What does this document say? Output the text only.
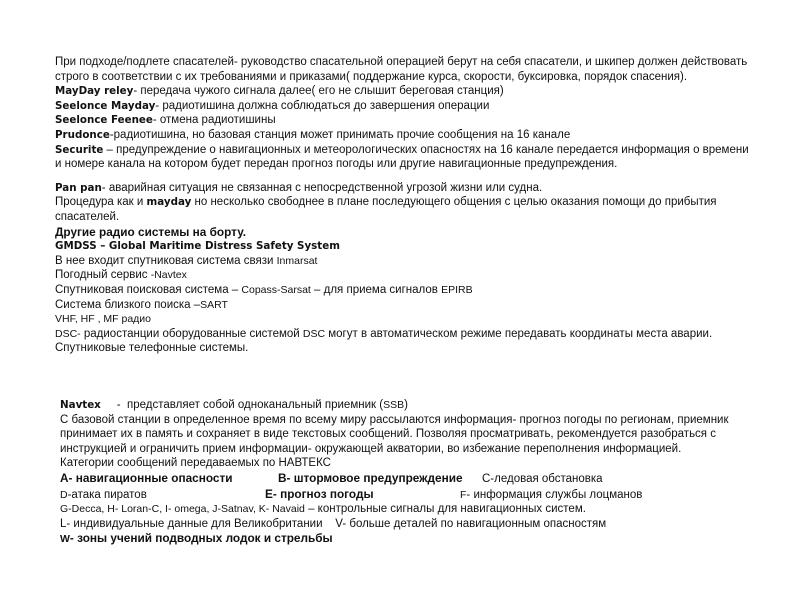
При подходе/подлете спасателей- руководство спасательной операцией берут на себя спасатели, и шкипер должен действовать строго в соответствии с их требованиями и приказами( поддержание курса, скорости, буксировка, порядок спасения).

MayDay reley- передача чужого сигнала далее( его не слышит береговая станция)

Seelonce Mayday- радиотишина должна соблюдаться до завершения операции

Seelonce Feenee- отмена радиотишины

Prudonce-радиотишина, но базовая станция может принимать прочие сообщения на 16 канале

Securite – предупреждение о навигационных и метеорологических опасностях на 16 канале передается информация о времени и номере канала на котором будет передан прогноз погоды или другие навигационные предупреждения.

Pan pan- аварийная ситуация не связанная с непосредственной угрозой жизни или судна.

Процедура как и mayday но несколько свободнее в плане последующего общения с целью оказания помощи до прибытия спасателей.

Другие радио системы на борту.

GMDSS – Global Maritime Distress Safety System

В нее входит спутниковая система связи Inmarsat

Погодный сервис -Navtex

Спутниковая поисковая система – Copass-Sarsat – для приема сигналов EPIRB

Система близкого поиска –SART

VHF, HF , MF радио

DSC- радиостанции оборудованные системой DSC могут в автоматическом режиме передавать координаты места аварии.

Спутниковые телефонные системы.

Navtex     -  представляет собой одноканальный приемник (SSB)

С базовой станции в определенное время по всему миру рассылаются информация- прогноз погоды по регионам, приемник принимает их в память и сохраняет в виде текстовых сообщений. Позволяя просматривать, рекомендуется разобраться с инструкцией и ограничить прием информации- окружающей акватории, во избежание переполнения информацией.

Категории сообщений передаваемых по НАВТЕКС

А- навигационные опасности	В- штормовое предупреждение С-ледовая обстановка

D-атака пиратов	Е- прогноз погоды	F- информация службы лоцманов

G-Decca, H- Loran-C, I- omega, J-Satnav, K- Navaid – контрольные сигналы для навигационных систем.

L- индивидуальные данные для Великобритании    V- больше деталей по навигационным опасностям

W- зоны учений подводных лодок и стрельбы
